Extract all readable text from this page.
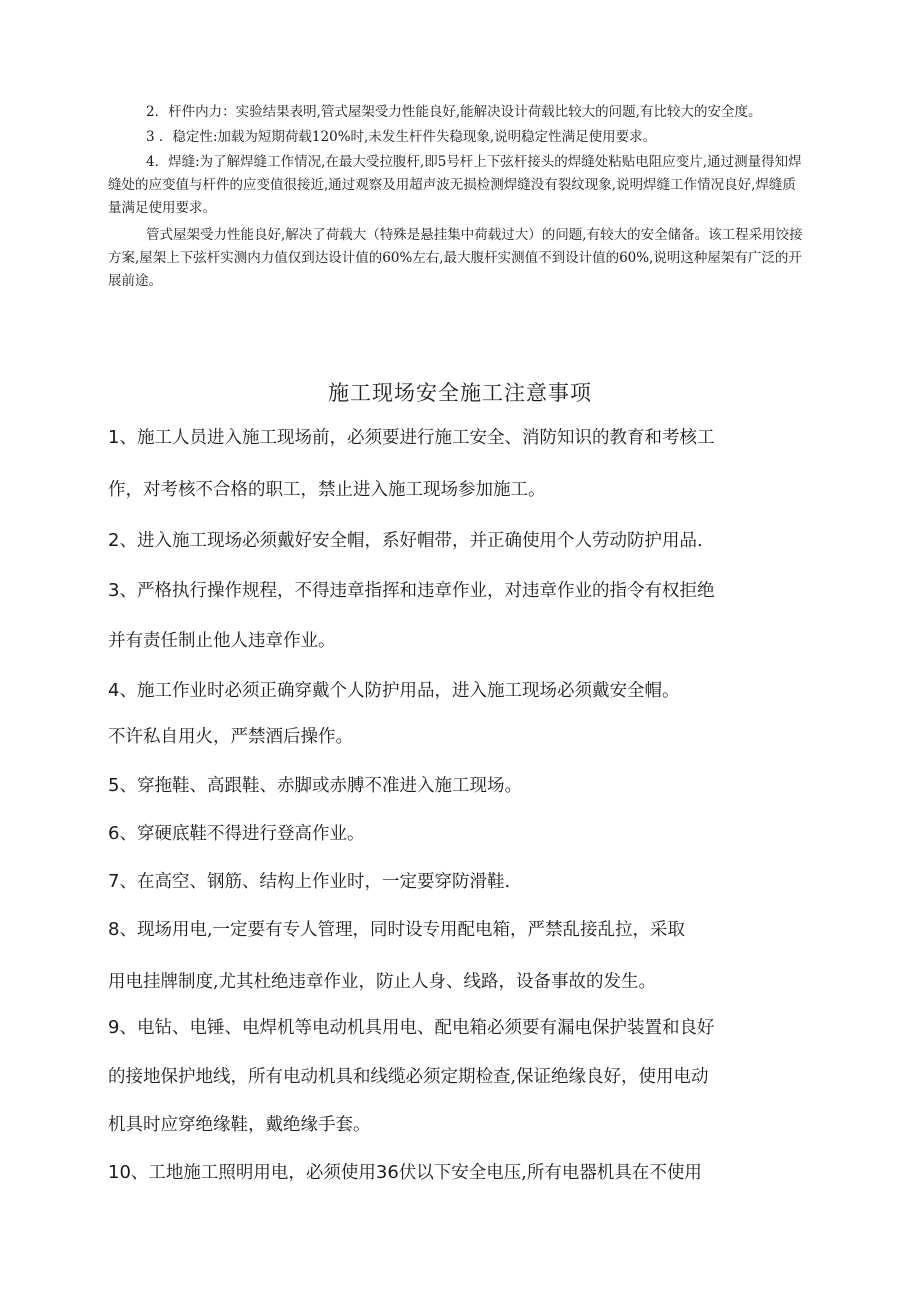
2．杆件内力：实验结果表明,管式屋架受力性能良好,能解决设计荷载比较大的问题,有比较大的安全度。

3 ．稳定性:加载为短期荷载120%时,未发生杆件失稳现象,说明稳定性满足使用要求。

4．焊缝:为了解焊缝工作情况,在最大受拉腹杆,即5号杆上下弦杆接头的焊缝处粘贴电阻应变片,通过测量得知焊缝处的应变值与杆件的应变值很接近,通过观察及用超声波无损检测焊缝没有裂纹现象,说明焊缝工作情况良好,焊缝质量满足使用要求。

管式屋架受力性能良好,解决了荷载大（特殊是悬挂集中荷载过大）的问题,有较大的安全储备。该工程采用饺接方案,屋架上下弦杆实测内力值仅到达设计值的60%左右,最大腹杆实测值不到设计值的60%,说明这种屋架有广泛的开展前途。

施工现场安全施工注意事项
1、施工人员进入施工现场前，必须要进行施工安全、消防知识的教育和考核工
作，对考核不合格的职工，禁止进入施工现场参加施工。
2、进入施工现场必须戴好安全帽，系好帽带，并正确使用个人劳动防护用品.
3、严格执行操作规程，不得违章指挥和违章作业，对违章作业的指令有权拒绝
并有责任制止他人违章作业。
4、施工作业时必须正确穿戴个人防护用品，进入施工现场必须戴安全帽。
不许私自用火，严禁酒后操作。
5、穿拖鞋、高跟鞋、赤脚或赤膊不准进入施工现场。
6、穿硬底鞋不得进行登高作业。
7、在高空、钢筋、结构上作业时，一定要穿防滑鞋.
8、现场用电,一定要有专人管理，同时设专用配电箱，严禁乱接乱拉，采取
用电挂牌制度,尤其杜绝违章作业，防止人身、线路，设备事故的发生。
9、电钻、电锤、电焊机等电动机具用电、配电箱必须要有漏电保护装置和良好
的接地保护地线，所有电动机具和线缆必须定期检查,保证绝缘良好，使用电动
机具时应穿绝缘鞋，戴绝缘手套。
10、工地施工照明用电，必须使用36伏以下安全电压,所有电器机具在不使用
